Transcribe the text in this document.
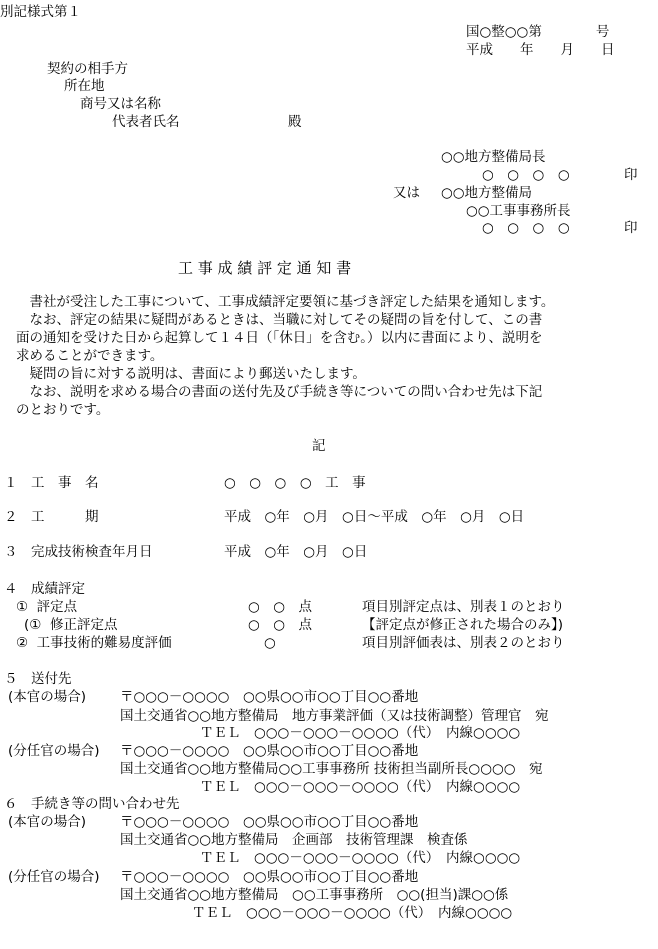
別記様式第１
国○整○○第　　　　号
平成　　年　　月　　日
契約の相手方
所在地
商号又は名称
代表者氏名	殿
○○地方整備局長
○　○　○　○	印
又は ○○地方整備局
○○工事事務所長
○　○　○　○	印
工 事 成 績 評 定 通 知 書
　書社が受注した工事について、工事成績評定要領に基づき評定した結果を通知します。
　なお、評定の結果に疑問があるときは、当職に対してその疑問の旨を付して、この書
面の通知を受けた日から起算して１４日（「休日」を含む。）以内に書面により、説明を
求めることができます。
　疑問の旨に対する説明は、書面により郵送いたします。
　なお、説明を求める場合の書面の送付先及び手続き等についての問い合わせ先は下記
のとおりです。
記
１　工　事　名	○　○　○　○　工　事
２　工　　　期	平成　○年　○月　○日～平成　○年　○月　○日
３　完成技術検査年月日	平成　○年　○月　○日
４　成績評定
①  評定点	○　○　点	項目別評定点は、別表１のとおり
(①  修正評定点	○　○　点	【評定点が修正された場合のみ】)
②  工事技術的難易度評価	○	項目別評価表は、別表２のとおり
５　送付先
(本官の場合)	〒○○○－○○○○　○○県○○市○○丁目○○番地
国土交通省○○地方整備局　地方事業評価（又は技術調整）管理官　宛
ＴＥＬ　○○○－○○○－○○○○（代）　内線○○○○
(分任官の場合) 〒○○○－○○○○　○○県○○市○○丁目○○番地
国土交通省○○地方整備局○○工事事務所 技術担当副所長○○○○　宛
ＴＥＬ　○○○－○○○－○○○○（代）　内線○○○○
６　手続き等の問い合わせ先
(本官の場合)	〒○○○－○○○○　○○県○○市○○丁目○○番地
国土交通省○○地方整備局　企画部　技術管理課　検査係
ＴＥＬ　○○○－○○○－○○○○（代）　内線○○○○
(分任官の場合) 〒○○○－○○○○　○○県○○市○○丁目○○番地
国土交通省○○地方整備局　○○工事事務所　○○(担当)課○○係
ＴＥＬ　○○○－○○○－○○○○（代）　内線○○○○
